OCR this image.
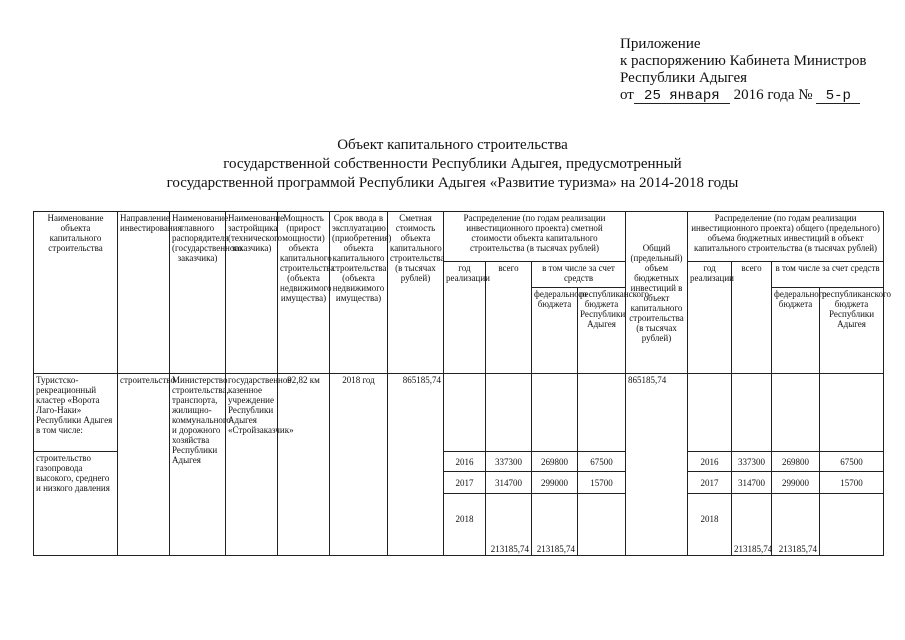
Приложение
к распоряжению Кабинета Министров
Республики Адыгея
от 25 января 2016 года № 5-р
Объект капитального строительства
государственной собственности Республики Адыгея, предусмотренный
государственной программой Республики Адыгея «Развитие туризма» на 2014-2018 годы
Наименование объекта капитального строительства	Направление инвестирования	Наименование главного распорядителя (государственного заказчика)	Наименование застройщика (технического заказчика)	Мощность (прирост мощности) объекта капитального строительства (объекта недвижимого имущества)	Срок ввода в эксплуатацию (приобретения) объекта капитального строительства (объекта недвижимого имущества)	Сметная стоимость объекта капитального строительства (в тысячах рублей)	Распределение (по годам реализации инвестиционного проекта) сметной стоимости объекта капитального строительства (в тысячах рублей)				Общий (предельный) объем бюджетных инвестиций в объект капитального строительства (в тысячах рублей)	Распределение (по годам реализации инвестиционного проекта) общего (предельного) объема бюджетных инвестиций в объект капитального строительства (в тысячах рублей)			
							год реализации	всего	в том числе за счет средств			год реализации	всего	в том числе за счет средств	
									федерального бюджета	республиканского бюджета Республики Адыгея				федерального бюджета	республиканского бюджета Республики Адыгея
Туристско-рекреационный кластер «Ворота Лаго-Наки» Республики Адыгея в том числе:	строительство	Министерство строительства, транспорта, жилищно-коммунального и дорожного хозяйства Республики Адыгея	государственное казенное учреждение Республики Адыгея «Стройзаказчик»	92,82 км	2018 год	865185,74					865185,74				
строительство газопровода высокого, среднего и низкого давления							2016	337300	269800	67500		2016	337300	269800	67500
							2017	314700	299000	15700		2017	314700	299000	15700
							2018	213185,74	213185,74			2018	213185,74	213185,74	
